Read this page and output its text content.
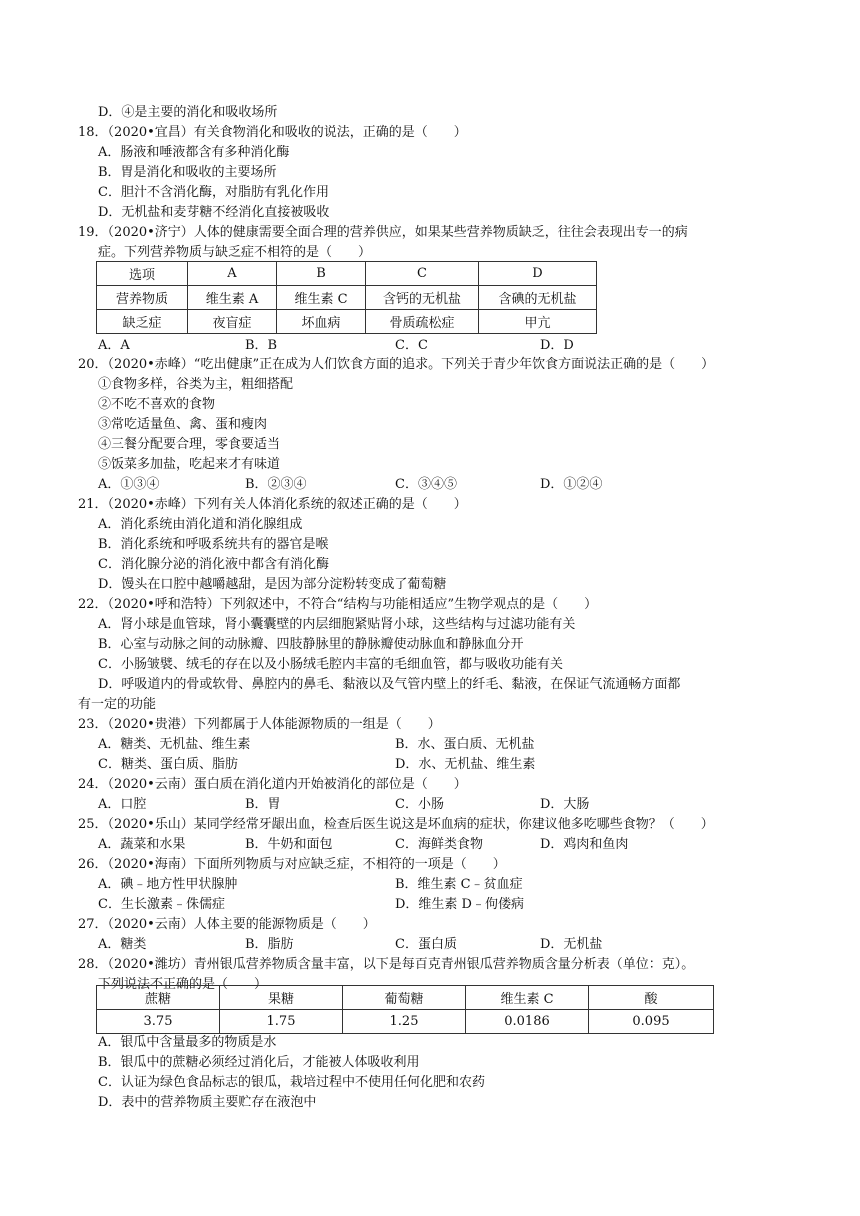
D．④是主要的消化和吸收场所
18．（2020•宜昌）有关食物消化和吸收的说法，正确的是（　　）
A．肠液和唾液都含有多种消化酶
B．胃是消化和吸收的主要场所
C．胆汁不含消化酶，对脂肪有乳化作用
D．无机盐和麦芽糖不经消化直接被吸收
19．（2020•济宁）人体的健康需要全面合理的营养供应，如果某些营养物质缺乏，往往会表现出专一的病
症。下列营养物质与缺乏症不相符的是（　　）
选项	A	B	C	D
营养物质	维生素 A	维生素 C	含钙的无机盐	含碘的无机盐
缺乏症	夜盲症	坏血病	骨质疏松症	甲亢
A．A	B．B	C．C	D．D
20．（2020•赤峰）“吃出健康”正在成为人们饮食方面的追求。下列关于青少年饮食方面说法正确的是（　　）
①食物多样，谷类为主，粗细搭配
②不吃不喜欢的食物
③常吃适量鱼、禽、蛋和瘦肉
④三餐分配要合理，零食要适当
⑤饭菜多加盐，吃起来才有味道
A．①③④	B．②③④	C．③④⑤	D．①②④
21．（2020•赤峰）下列有关人体消化系统的叙述正确的是（　　）
A．消化系统由消化道和消化腺组成
B．消化系统和呼吸系统共有的器官是喉
C．消化腺分泌的消化液中都含有消化酶
D．馒头在口腔中越嚼越甜，是因为部分淀粉转变成了葡萄糖
22．（2020•呼和浩特）下列叙述中，不符合“结构与功能相适应”生物学观点的是（　　）
A．肾小球是血管球，肾小囊囊壁的内层细胞紧贴肾小球，这些结构与过滤功能有关
B．心室与动脉之间的动脉瓣、四肢静脉里的静脉瓣使动脉血和静脉血分开
C．小肠皱襞、绒毛的存在以及小肠绒毛腔内丰富的毛细血管，都与吸收功能有关
D．呼吸道内的骨或软骨、鼻腔内的鼻毛、黏液以及气管内壁上的纤毛、黏液，在保证气流通畅方面都
有一定的功能
23．（2020•贵港）下列都属于人体能源物质的一组是（　　）
A．糖类、无机盐、维生素	B．水、蛋白质、无机盐
C．糖类、蛋白质、脂肪	D．水、无机盐、维生素
24．（2020•云南）蛋白质在消化道内开始被消化的部位是（　　）
A．口腔	B．胃	C．小肠	D．大肠
25．（2020•乐山）某同学经常牙龈出血，检查后医生说这是坏血病的症状，你建议他多吃哪些食物？（　　）
A．蔬菜和水果	B．牛奶和面包	C．海鲜类食物	D．鸡肉和鱼肉
26．（2020•海南）下面所列物质与对应缺乏症，不相符的一项是（　　）
A．碘﹣地方性甲状腺肿	B．维生素 C﹣贫血症
C．生长激素﹣侏儒症	D．维生素 D﹣佝偻病
27．（2020•云南）人体主要的能源物质是（　　）
A．糖类	B．脂肪	C．蛋白质	D．无机盐
28．（2020•潍坊）青州银瓜营养物质含量丰富，以下是每百克青州银瓜营养物质含量分析表（单位：克）。
下列说法不正确的是（　　）
蔗糖	果糖	葡萄糖	维生素 C	酸
3.75	1.75	1.25	0.0186	0.095
A．银瓜中含量最多的物质是水
B．银瓜中的蔗糖必须经过消化后，才能被人体吸收利用
C．认证为绿色食品标志的银瓜，栽培过程中不使用任何化肥和农药
D．表中的营养物质主要贮存在液泡中
